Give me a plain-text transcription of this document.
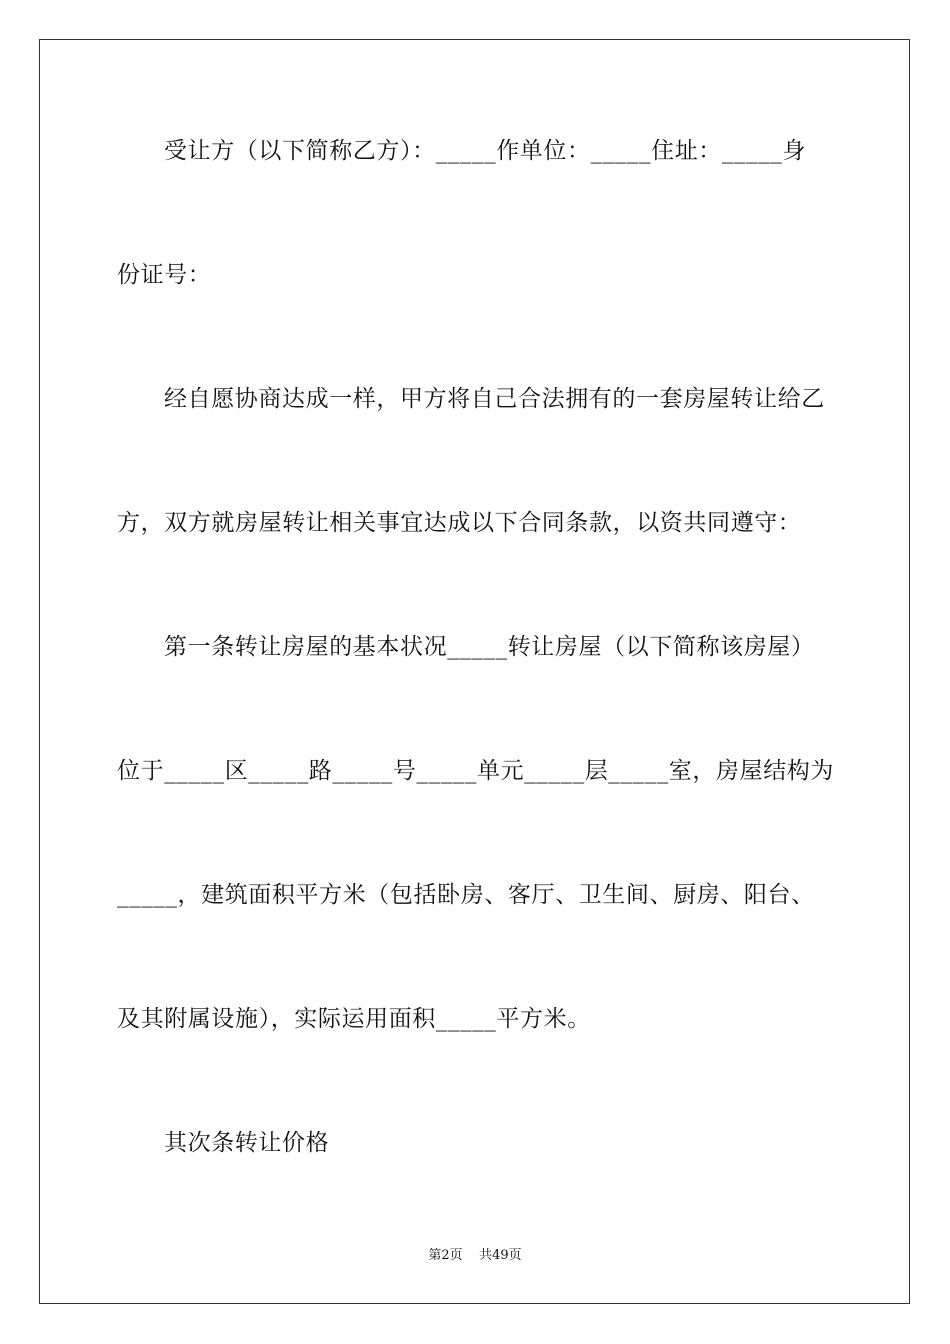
受让方（以下简称乙方）：_____作单位：_____住址：_____身
份证号：
经自愿协商达成一样，甲方将自己合法拥有的一套房屋转让给乙
方，双方就房屋转让相关事宜达成以下合同条款，以资共同遵守：
第一条转让房屋的基本状况_____转让房屋（以下简称该房屋）
位于_____区_____路_____号_____单元_____层_____室，房屋结构为
_____，建筑面积平方米（包括卧房、客厅、卫生间、厨房、阳台、
及其附属设施），实际运用面积_____平方米。
其次条转让价格
第2页    共49页
